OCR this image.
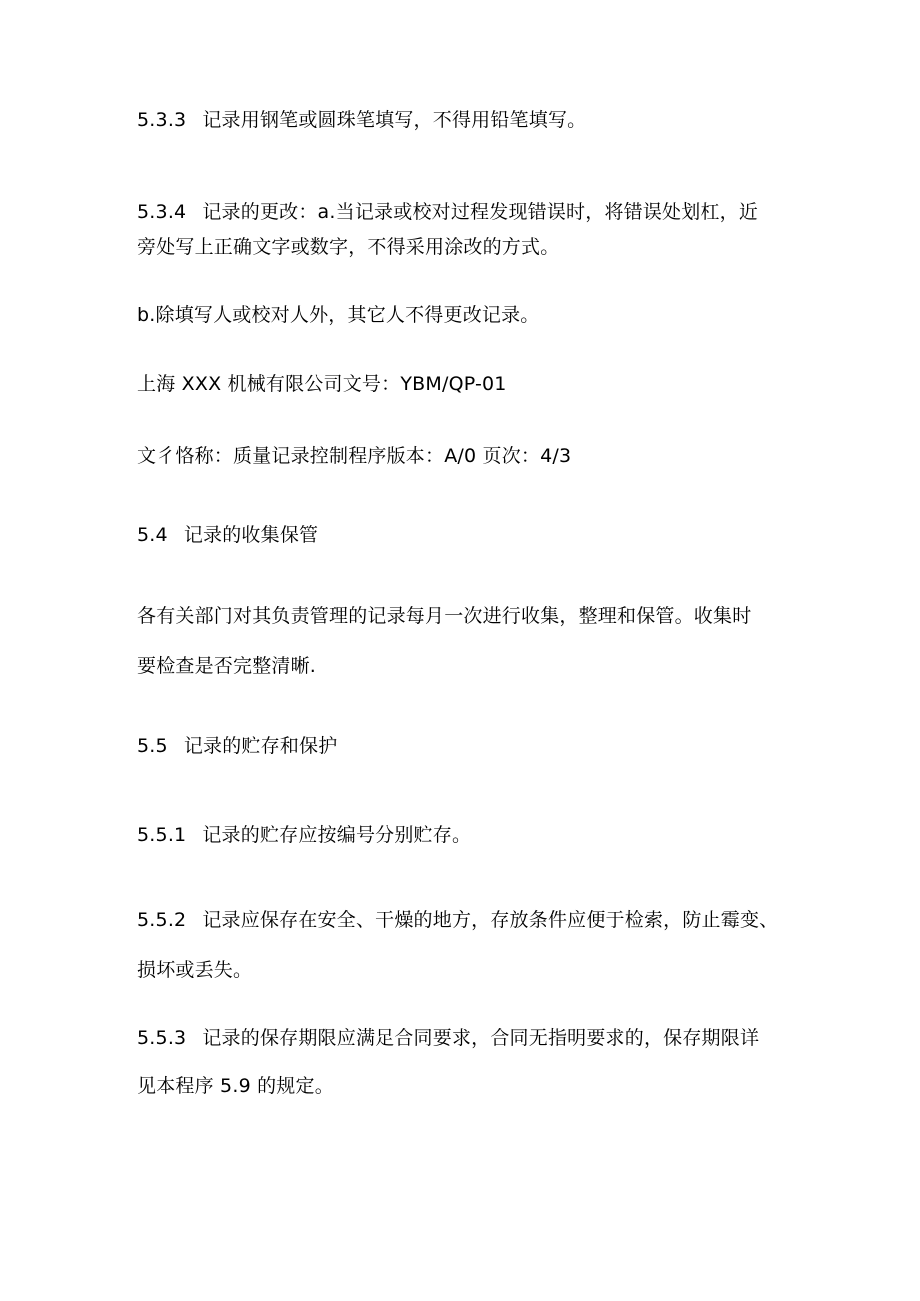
5.3.3 记录用钢笔或圆珠笔填写，不得用铅笔填写。
5.3.4 记录的更改：a.当记录或校对过程发现错误时，将错误处划杠，近
旁处写上正确文字或数字，不得采用涂改的方式。
b.除填写人或校对人外，其它人不得更改记录。
上海 XXX 机械有限公司文号：YBM/QP-01
文彳恪称：质量记录控制程序版本：A/0 页次：4/3
5.4 记录的收集保管
各有关部门对其负责管理的记录每月一次进行收集，整理和保管。收集时
要检查是否完整清晰.
5.5 记录的贮存和保护
5.5.1 记录的贮存应按编号分别贮存。
5.5.2 记录应保存在安全、干燥的地方，存放条件应便于检索，防止霉变、
损坏或丢失。
5.5.3 记录的保存期限应满足合同要求，合同无指明要求的，保存期限详
见本程序 5.9 的规定。
